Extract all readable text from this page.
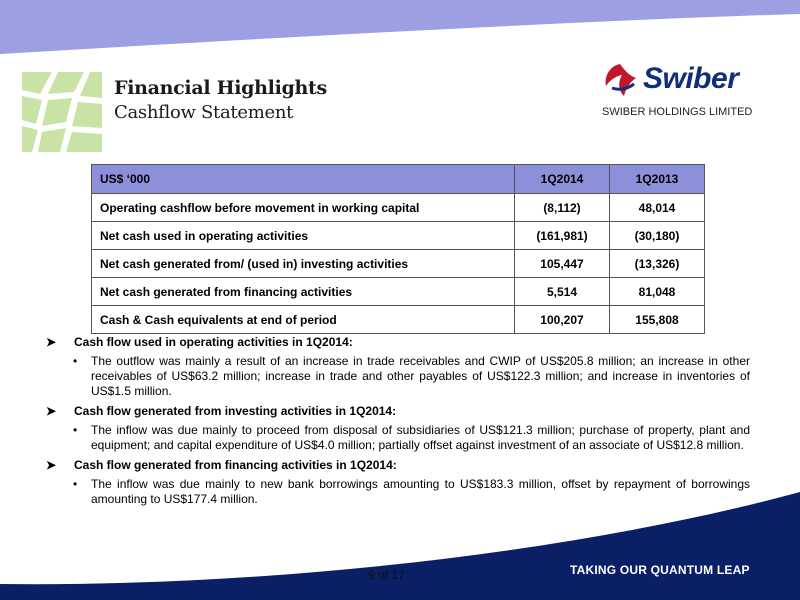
Financial Highlights
Cashflow Statement
Swiber
SWIBER HOLDINGS LIMITED
US$ ‘000	1Q2014	1Q2013
Operating cashflow before movement in working capital	(8,112)	48,014
Net cash used in operating activities	(161,981)	(30,180)
Net cash generated from/ (used in) investing activities	105,447	(13,326)
Net cash generated from financing activities	5,514	81,048
Cash & Cash equivalents at end of period	100,207	155,808
➤ Cash flow used in operating activities in 1Q2014:
• The outflow was mainly a result of an increase in trade receivables and CWIP of US$205.8 million; an increase in other receivables of US$63.2 million; increase in trade and other payables of US$122.3 million; and increase in inventories of US$1.5 million.
➤ Cash flow generated from investing activities in 1Q2014:
• The inflow was due mainly to proceed from disposal of subsidiaries of US$121.3 million; purchase of property, plant and equipment; and capital expenditure of US$4.0 million; partially offset against investment of an associate of US$12.8 million.
➤ Cash flow generated from financing activities in 1Q2014:
• The inflow was due mainly to new bank borrowings amounting to US$183.3 million, offset by repayment of borrowings amounting to US$177.4 million.
9 of 17	TAKING OUR QUANTUM LEAP
